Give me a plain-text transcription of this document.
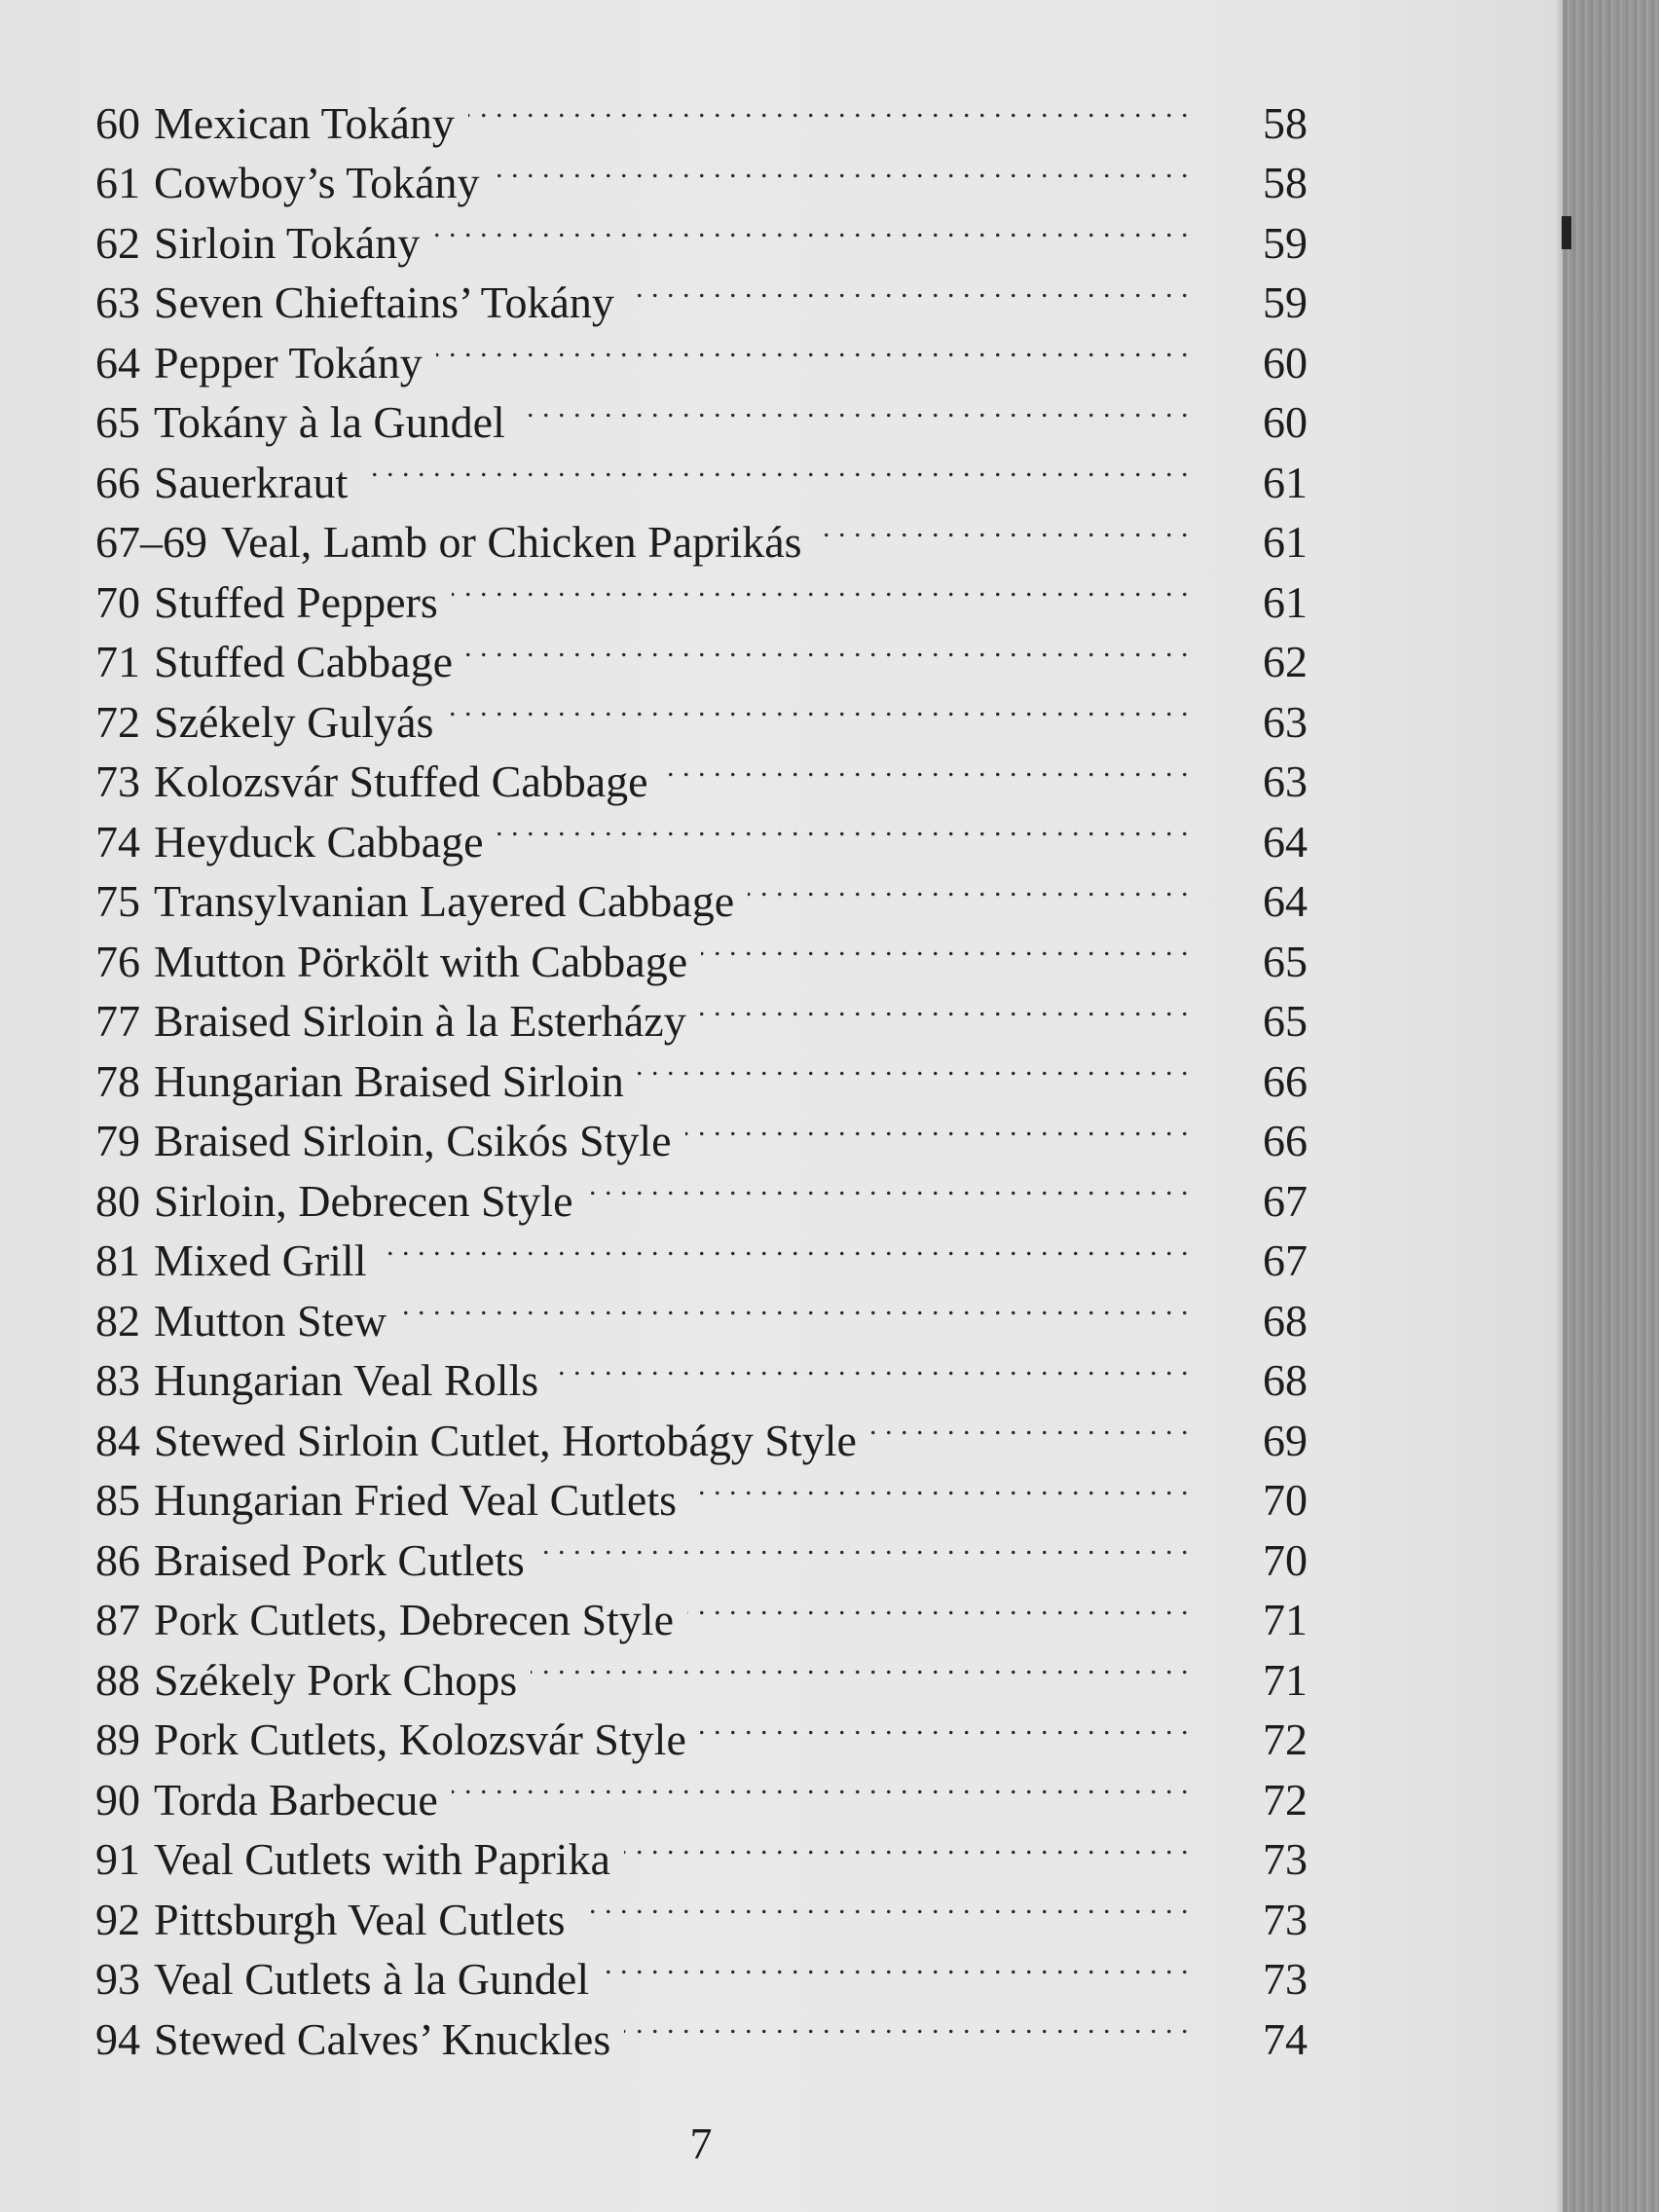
60 Mexican Tokány . . .	58
61 Cowboy’s Tokány . . .	58
62 Sirloin Tokány . . .	59
63 Seven Chieftains’ Tokány . . .	59
64 Pepper Tokány . . .	60
65 Tokány à la Gundel . . .	60
66 Sauerkraut . . .	61
67–69 Veal, Lamb or Chicken Paprikás . . .	61
70 Stuffed Peppers . . .	61
71 Stuffed Cabbage . . .	62
72 Székely Gulyás . . .	63
73 Kolozsvár Stuffed Cabbage . . .	63
74 Heyduck Cabbage . . .	64
75 Transylvanian Layered Cabbage . . .	64
76 Mutton Pörkölt with Cabbage . . .	65
77 Braised Sirloin à la Esterházy . . .	65
78 Hungarian Braised Sirloin . . .	66
79 Braised Sirloin, Csikós Style . . .	66
80 Sirloin, Debrecen Style . . .	67
81 Mixed Grill . . .	67
82 Mutton Stew . . .	68
83 Hungarian Veal Rolls . . .	68
84 Stewed Sirloin Cutlet, Hortobágy Style . . .	69
85 Hungarian Fried Veal Cutlets . . .	70
86 Braised Pork Cutlets . . .	70
87 Pork Cutlets, Debrecen Style . . .	71
88 Székely Pork Chops . . .	71
89 Pork Cutlets, Kolozsvár Style . . .	72
90 Torda Barbecue . . .	72
91 Veal Cutlets with Paprika . . .	73
92 Pittsburgh Veal Cutlets . . .	73
93 Veal Cutlets à la Gundel . . .	73
94 Stewed Calves’ Knuckles . . .	74
7
